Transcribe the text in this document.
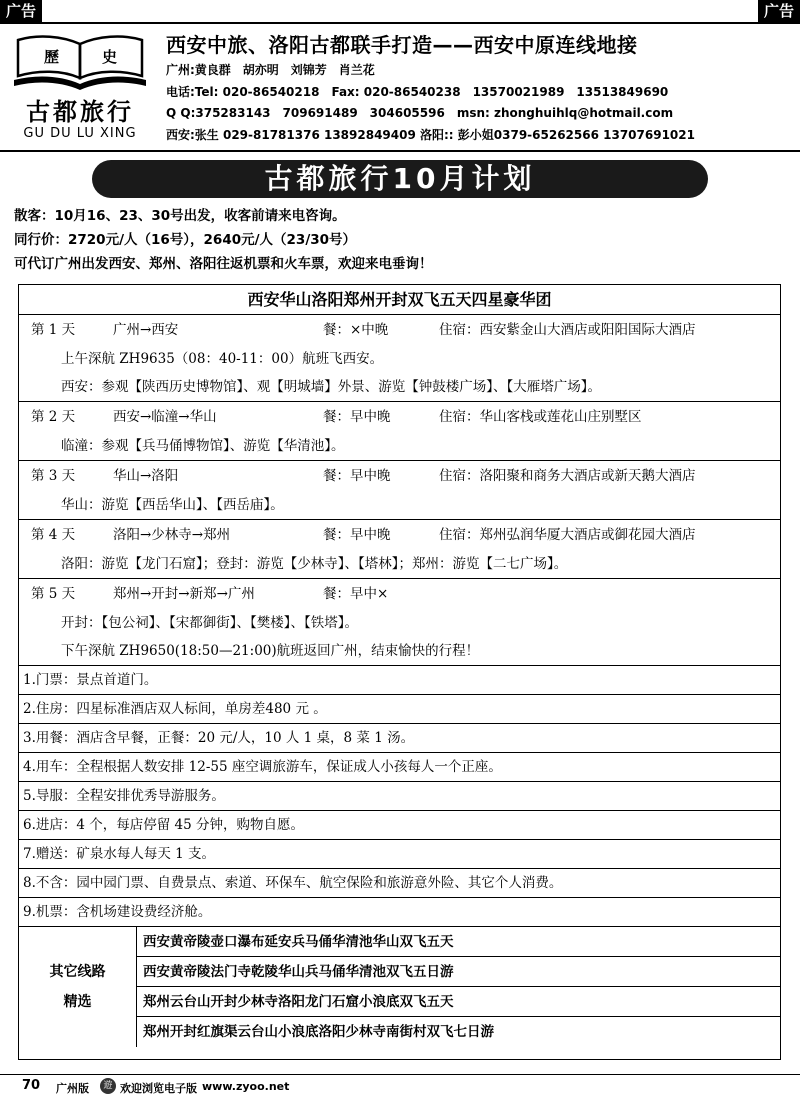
广告	广告
歷	史
古都旅行
GU DU LU XING
西安中旅、洛阳古都联手打造——西安中原连线地接
广州:黄良群　胡亦明　刘锦芳　肖兰花
电话:Tel: 020-86540218　Fax: 020-86540238　13570021989　13513849690
Q Q:375283143　709691489　304605596　msn: zhonghuihlq@hotmail.com
西安:张生 029-81781376 13892849409 洛阳:: 彭小姐0379-65262566 13707691021
古都旅行10月计划
散客：10月16、23、30号出发，收客前请来电咨询。
同行价：2720元/人（16号），2640元/人（23/30号）
可代订广州出发西安、郑州、洛阳往返机票和火车票，欢迎来电垂询！
西安华山洛阳郑州开封双飞五天四星豪华团
第 1 天	广州→西安	餐：×中晚	住宿：西安紫金山大酒店或阳阳国际大酒店
上午深航 ZH9635（08：40-11：00）航班飞西安。
西安：参观【陕西历史博物馆】、观【明城墙】外景、游览【钟鼓楼广场】、【大雁塔广场】。
第 2 天	西安→临潼→华山	餐：早中晚	住宿：华山客栈或莲花山庄别墅区
临潼：参观【兵马俑博物馆】、游览【华清池】。
第 3 天	华山→洛阳	餐：早中晚	住宿：洛阳聚和商务大酒店或新天鹅大酒店
华山：游览【西岳华山】、【西岳庙】。
第 4 天	洛阳→少林寺→郑州	餐：早中晚	住宿：郑州弘润华厦大酒店或御花园大酒店
洛阳：游览【龙门石窟】；登封：游览【少林寺】、【塔林】；郑州：游览【二七广场】。
第 5 天	郑州→开封→新郑→广州	餐：早中×
开封：【包公祠】、【宋都御街】、【樊楼】、【铁塔】。
下午深航 ZH9650(18:50—21:00)航班返回广州，结束愉快的行程！
1.门票：景点首道门。
2.住房：四星标准酒店双人标间，单房差480 元 。
3.用餐：酒店含早餐，正餐：20 元/人，10 人 1 桌，8 菜 1 汤。
4.用车：全程根据人数安排 12-55 座空调旅游车，保证成人小孩每人一个正座。
5.导服：全程安排优秀导游服务。
6.进店：4 个，每店停留 45 分钟，购物自愿。
7.赠送：矿泉水每人每天 1 支。
8.不含：园中园门票、自费景点、索道、环保车、航空保险和旅游意外险、其它个人消费。
9.机票：含机场建设费经济舱。
其它线路
精选
西安黄帝陵壶口瀑布延安兵马俑华清池华山双飞五天
西安黄帝陵法门寺乾陵华山兵马俑华清池双飞五日游
郑州云台山开封少林寺洛阳龙门石窟小浪底双飞五天
郑州开封红旗渠云台山小浪底洛阳少林寺南街村双飞七日游
70 广州版	遊 欢迎浏览电子版 www.zyoo.net
